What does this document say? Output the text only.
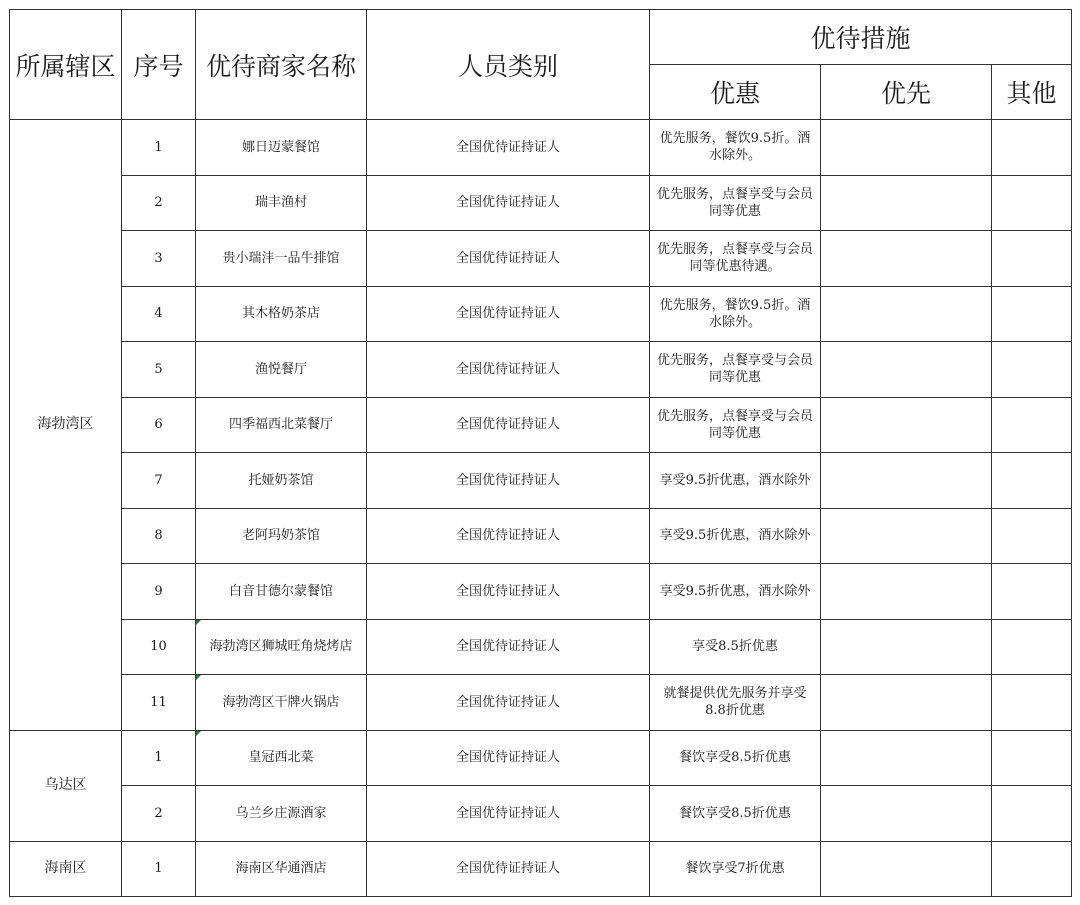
所属辖区	序号	优待商家名称	人员类别	优待措施		
				优惠	优先	其他
海勃湾区	1	娜日迈蒙餐馆	全国优待证持证人	优先服务，餐饮9.5折。酒水除外。		
	2	瑞丰渔村	全国优待证持证人	优先服务，点餐享受与会员同等优惠		
	3	贵小瑞沣一品牛排馆	全国优待证持证人	优先服务，点餐享受与会员同等优惠待遇。		
	4	其木格奶茶店	全国优待证持证人	优先服务，餐饮9.5折。酒水除外。		
	5	渔悦餐厅	全国优待证持证人	优先服务，点餐享受与会员同等优惠		
	6	四季福西北菜餐厅	全国优待证持证人	优先服务，点餐享受与会员同等优惠		
	7	托娅奶茶馆	全国优待证持证人	享受9.5折优惠，酒水除外		
	8	老阿玛奶茶馆	全国优待证持证人	享受9.5折优惠，酒水除外		
	9	白音甘德尔蒙餐馆	全国优待证持证人	享受9.5折优惠，酒水除外		
	10	海勃湾区狮城旺角烧烤店	全国优待证持证人	享受8.5折优惠		
	11	海勃湾区干牌火锅店	全国优待证持证人	就餐提供优先服务并享受8.8折优惠		
乌达区	1	皇冠西北菜	全国优待证持证人	餐饮享受8.5折优惠		
	2	乌兰乡庄源酒家	全国优待证持证人	餐饮享受8.5折优惠		
海南区	1	海南区华通酒店	全国优待证持证人	餐饮享受7折优惠		
